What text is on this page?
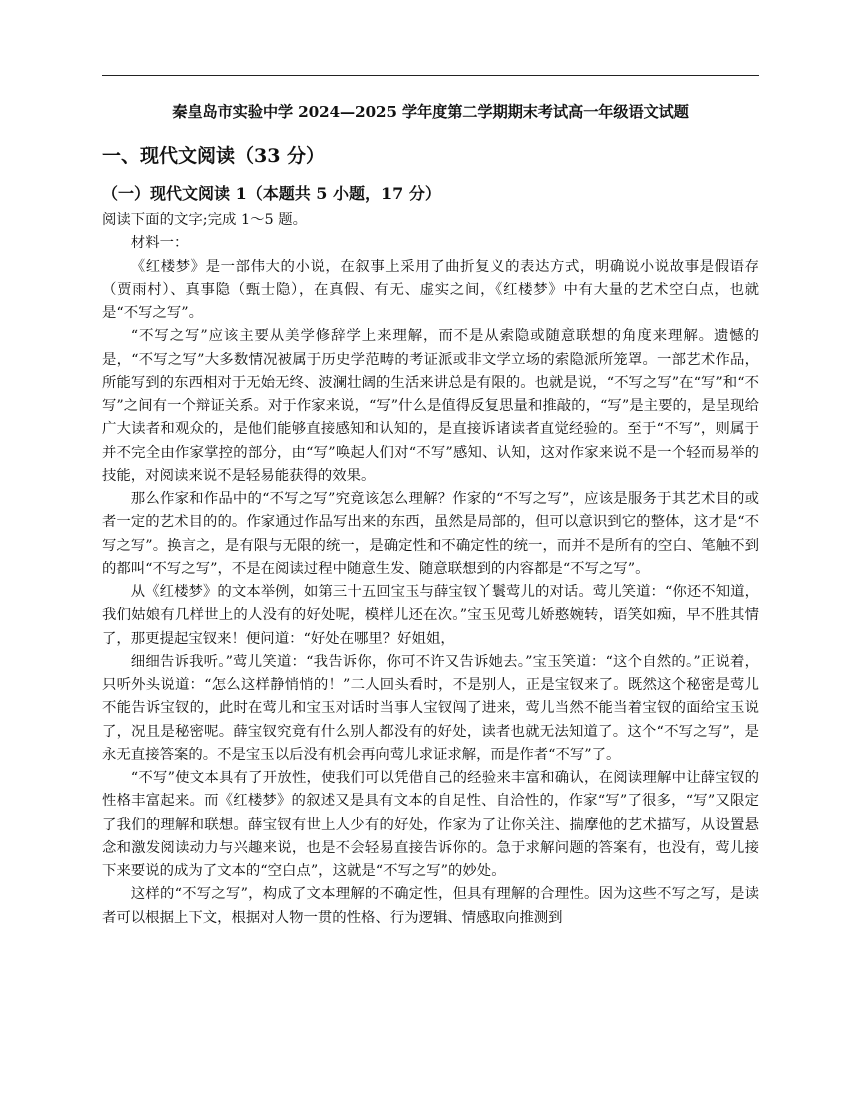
秦皇岛市实验中学 2024—2025 学年度第二学期期末考试高一年级语文试题
一、现代文阅读（33 分）
（一）现代文阅读 1（本题共 5 小题，17 分）

阅读下面的文字;完成 1～5 题。

材料一：

《红楼梦》是一部伟大的小说，在叙事上采用了曲折复义的表达方式，明确说小说故事是假语存（贾雨村）、真事隐（甄士隐），在真假、有无、虚实之间，《红楼梦》中有大量的艺术空白点，也就是“不写之写”。

“不写之写”应该主要从美学修辞学上来理解，而不是从索隐或随意联想的角度来理解。遗憾的是，“不写之写”大多数情况被属于历史学范畴的考证派或非文学立场的索隐派所笼罩。一部艺术作品，所能写到的东西相对于无始无终、波澜壮阔的生活来讲总是有限的。也就是说，“不写之写”在“写”和“不写”之间有一个辩证关系。对于作家来说，“写”什么是值得反复思量和推敲的，“写”是主要的，是呈现给广大读者和观众的，是他们能够直接感知和认知的，是直接诉诸读者直觉经验的。至于“不写”，则属于并不完全由作家掌控的部分，由“写”唤起人们对“不写”感知、认知，这对作家来说不是一个轻而易举的技能，对阅读来说不是轻易能获得的效果。

那么作家和作品中的“不写之写”究竟该怎么理解？作家的“不写之写”，应该是服务于其艺术目的或者一定的艺术目的的。作家通过作品写出来的东西，虽然是局部的，但可以意识到它的整体，这才是“不写之写”。换言之，是有限与无限的统一，是确定性和不确定性的统一，而并不是所有的空白、笔触不到的都叫“不写之写”，不是在阅读过程中随意生发、随意联想到的内容都是“不写之写”。

从《红楼梦》的文本举例，如第三十五回宝玉与薛宝钗丫鬟莺儿的对话。莺儿笑道：“你还不知道，我们姑娘有几样世上的人没有的好处呢，模样儿还在次。”宝玉见莺儿娇憨婉转，语笑如痴，早不胜其情了，那更提起宝钗来！便问道：“好处在哪里？好姐姐，

细细告诉我听。”莺儿笑道：“我告诉你，你可不许又告诉她去。”宝玉笑道：“这个自然的。”正说着，只听外头说道：“怎么这样静悄悄的！”二人回头看时，不是别人，正是宝钗来了。既然这个秘密是莺儿不能告诉宝钗的，此时在莺儿和宝玉对话时当事人宝钗闯了进来，莺儿当然不能当着宝钗的面给宝玉说了，况且是秘密呢。薛宝钗究竟有什么别人都没有的好处，读者也就无法知道了。这个“不写之写”，是永无直接答案的。不是宝玉以后没有机会再向莺儿求证求解，而是作者“不写”了。

“不写”使文本具有了开放性，使我们可以凭借自己的经验来丰富和确认，在阅读理解中让薛宝钗的性格丰富起来。而《红楼梦》的叙述又是具有文本的自足性、自洽性的，作家“写”了很多，“写”又限定了我们的理解和联想。薛宝钗有世上人少有的好处，作家为了让你关注、揣摩他的艺术描写，从设置悬念和激发阅读动力与兴趣来说，也是不会轻易直接告诉你的。急于求解问题的答案有，也没有，莺儿接下来要说的成为了文本的“空白点”，这就是“不写之写”的妙处。

这样的“不写之写”，构成了文本理解的不确定性，但具有理解的合理性。因为这些不写之写，是读者可以根据上下文，根据对人物一贯的性格、行为逻辑、情感取向推测到
